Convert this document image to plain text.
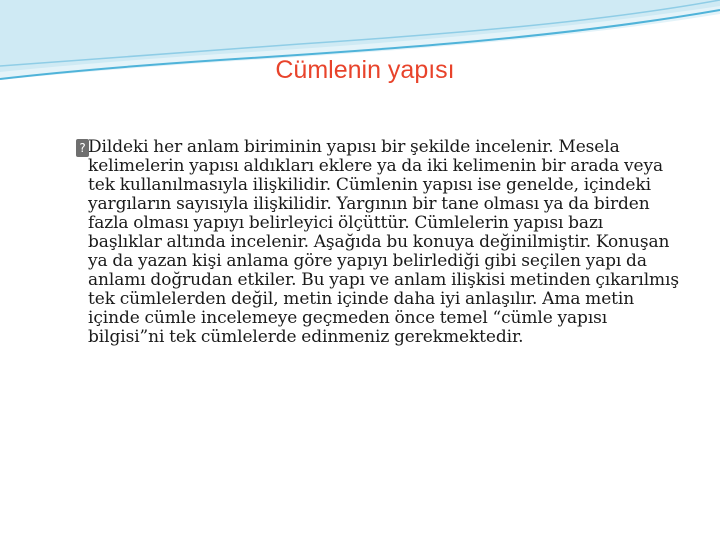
Cümlenin yapısı
? Dildeki her anlam biriminin yapısı bir şekilde incelenir. Mesela kelimelerin yapısı aldıkları eklere ya da iki kelimenin bir arada veya tek kullanılmasıyla ilişkilidir. Cümlenin yapısı ise genelde, içindeki yargıların sayısıyla ilişkilidir. Yargının bir tane olması ya da birden fazla olması yapıyı belirleyici ölçüttür. Cümlelerin yapısı bazı başlıklar altında incelenir. Aşağıda bu konuya değinilmiştir. Konuşan ya da yazan kişi anlama göre yapıyı belirlediği gibi seçilen yapı da anlamı doğrudan etkiler. Bu yapı ve anlam ilişkisi metinden çıkarılmış tek cümlelerden değil, metin içinde daha iyi anlaşılır. Ama metin içinde cümle incelemeye geçmeden önce temel “cümle yapısı bilgisi”ni tek cümlelerde edinmeniz gerekmektedir.
